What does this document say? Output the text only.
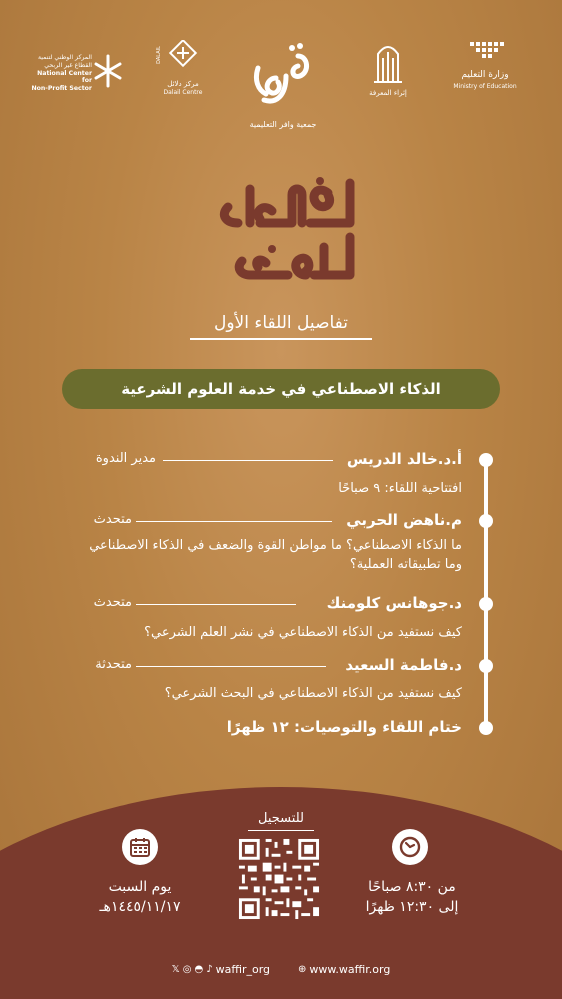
المركز الوطني لتنمية
القطاع غير الربحي
National Center for
Non-Profit Sector
DALAIL
مركز دلائل
Dalail Centre
جمعية وافر التعليمية
إثراء المعرفة
وزارة التعليم
Ministry of Education
تفاصيل اللقاء الأول
الذكاء الاصطناعي في خدمة العلوم الشرعية
أ.د.خالد الدريس
مدير الندوة
افتتاحية اللقاء: ٩ صباحًا
م.ناهض الحربي
متحدث
ما الذكاء الاصطناعي؟ ما مواطن القوة والضعف في الذكاء الاصطناعي وما تطبيقاته العملية؟
د.جوهانس كلومنك
متحدث
كيف نستفيد من الذكاء الاصطناعي في نشر العلم الشرعي؟
د.فاطمة السعيد
متحدثة
كيف نستفيد من الذكاء الاصطناعي في البحث الشرعي؟
ختام اللقاء والتوصيات: ١٢ ظهرًا
يوم السبت
١٤٤٥/١١/١٧هـ
من ٨:٣٠ صباحًا
إلى ١٢:٣٠ ظهرًا
للتسجيل
𝕏 ◎ ◓ ♪ waffir_org	⊕ www.waffir.org
